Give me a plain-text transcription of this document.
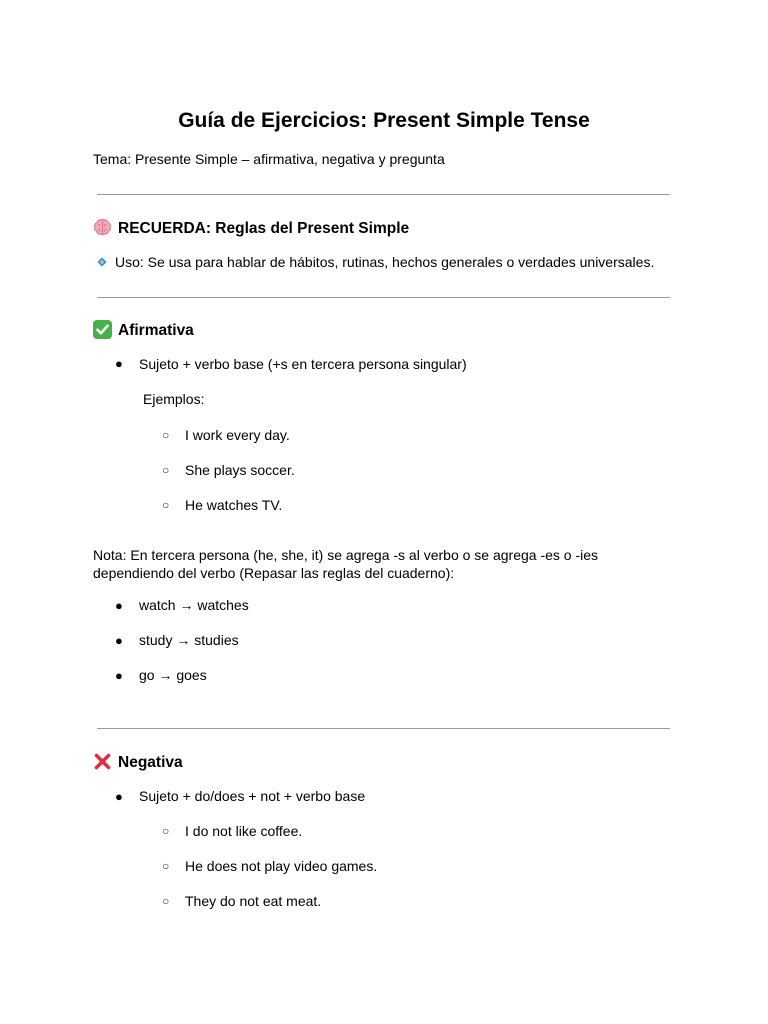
Guía de Ejercicios: Present Simple Tense
Tema: Presente Simple – afirmativa, negativa y pregunta
RECUERDA: Reglas del Present Simple
Uso: Se usa para hablar de hábitos, rutinas, hechos generales o verdades universales.
Afirmativa
● Sujeto + verbo base (+s en tercera persona singular)
Ejemplos:
○ I work every day.
○ She plays soccer.
○ He watches TV.
Nota: En tercera persona (he, she, it) se agrega -s al verbo o se agrega -es o -ies
dependiendo del verbo (Repasar las reglas del cuaderno):
● watch → watches
● study → studies
● go → goes
Negativa
● Sujeto + do/does + not + verbo base
○ I do not like coffee.
○ He does not play video games.
○ They do not eat meat.
